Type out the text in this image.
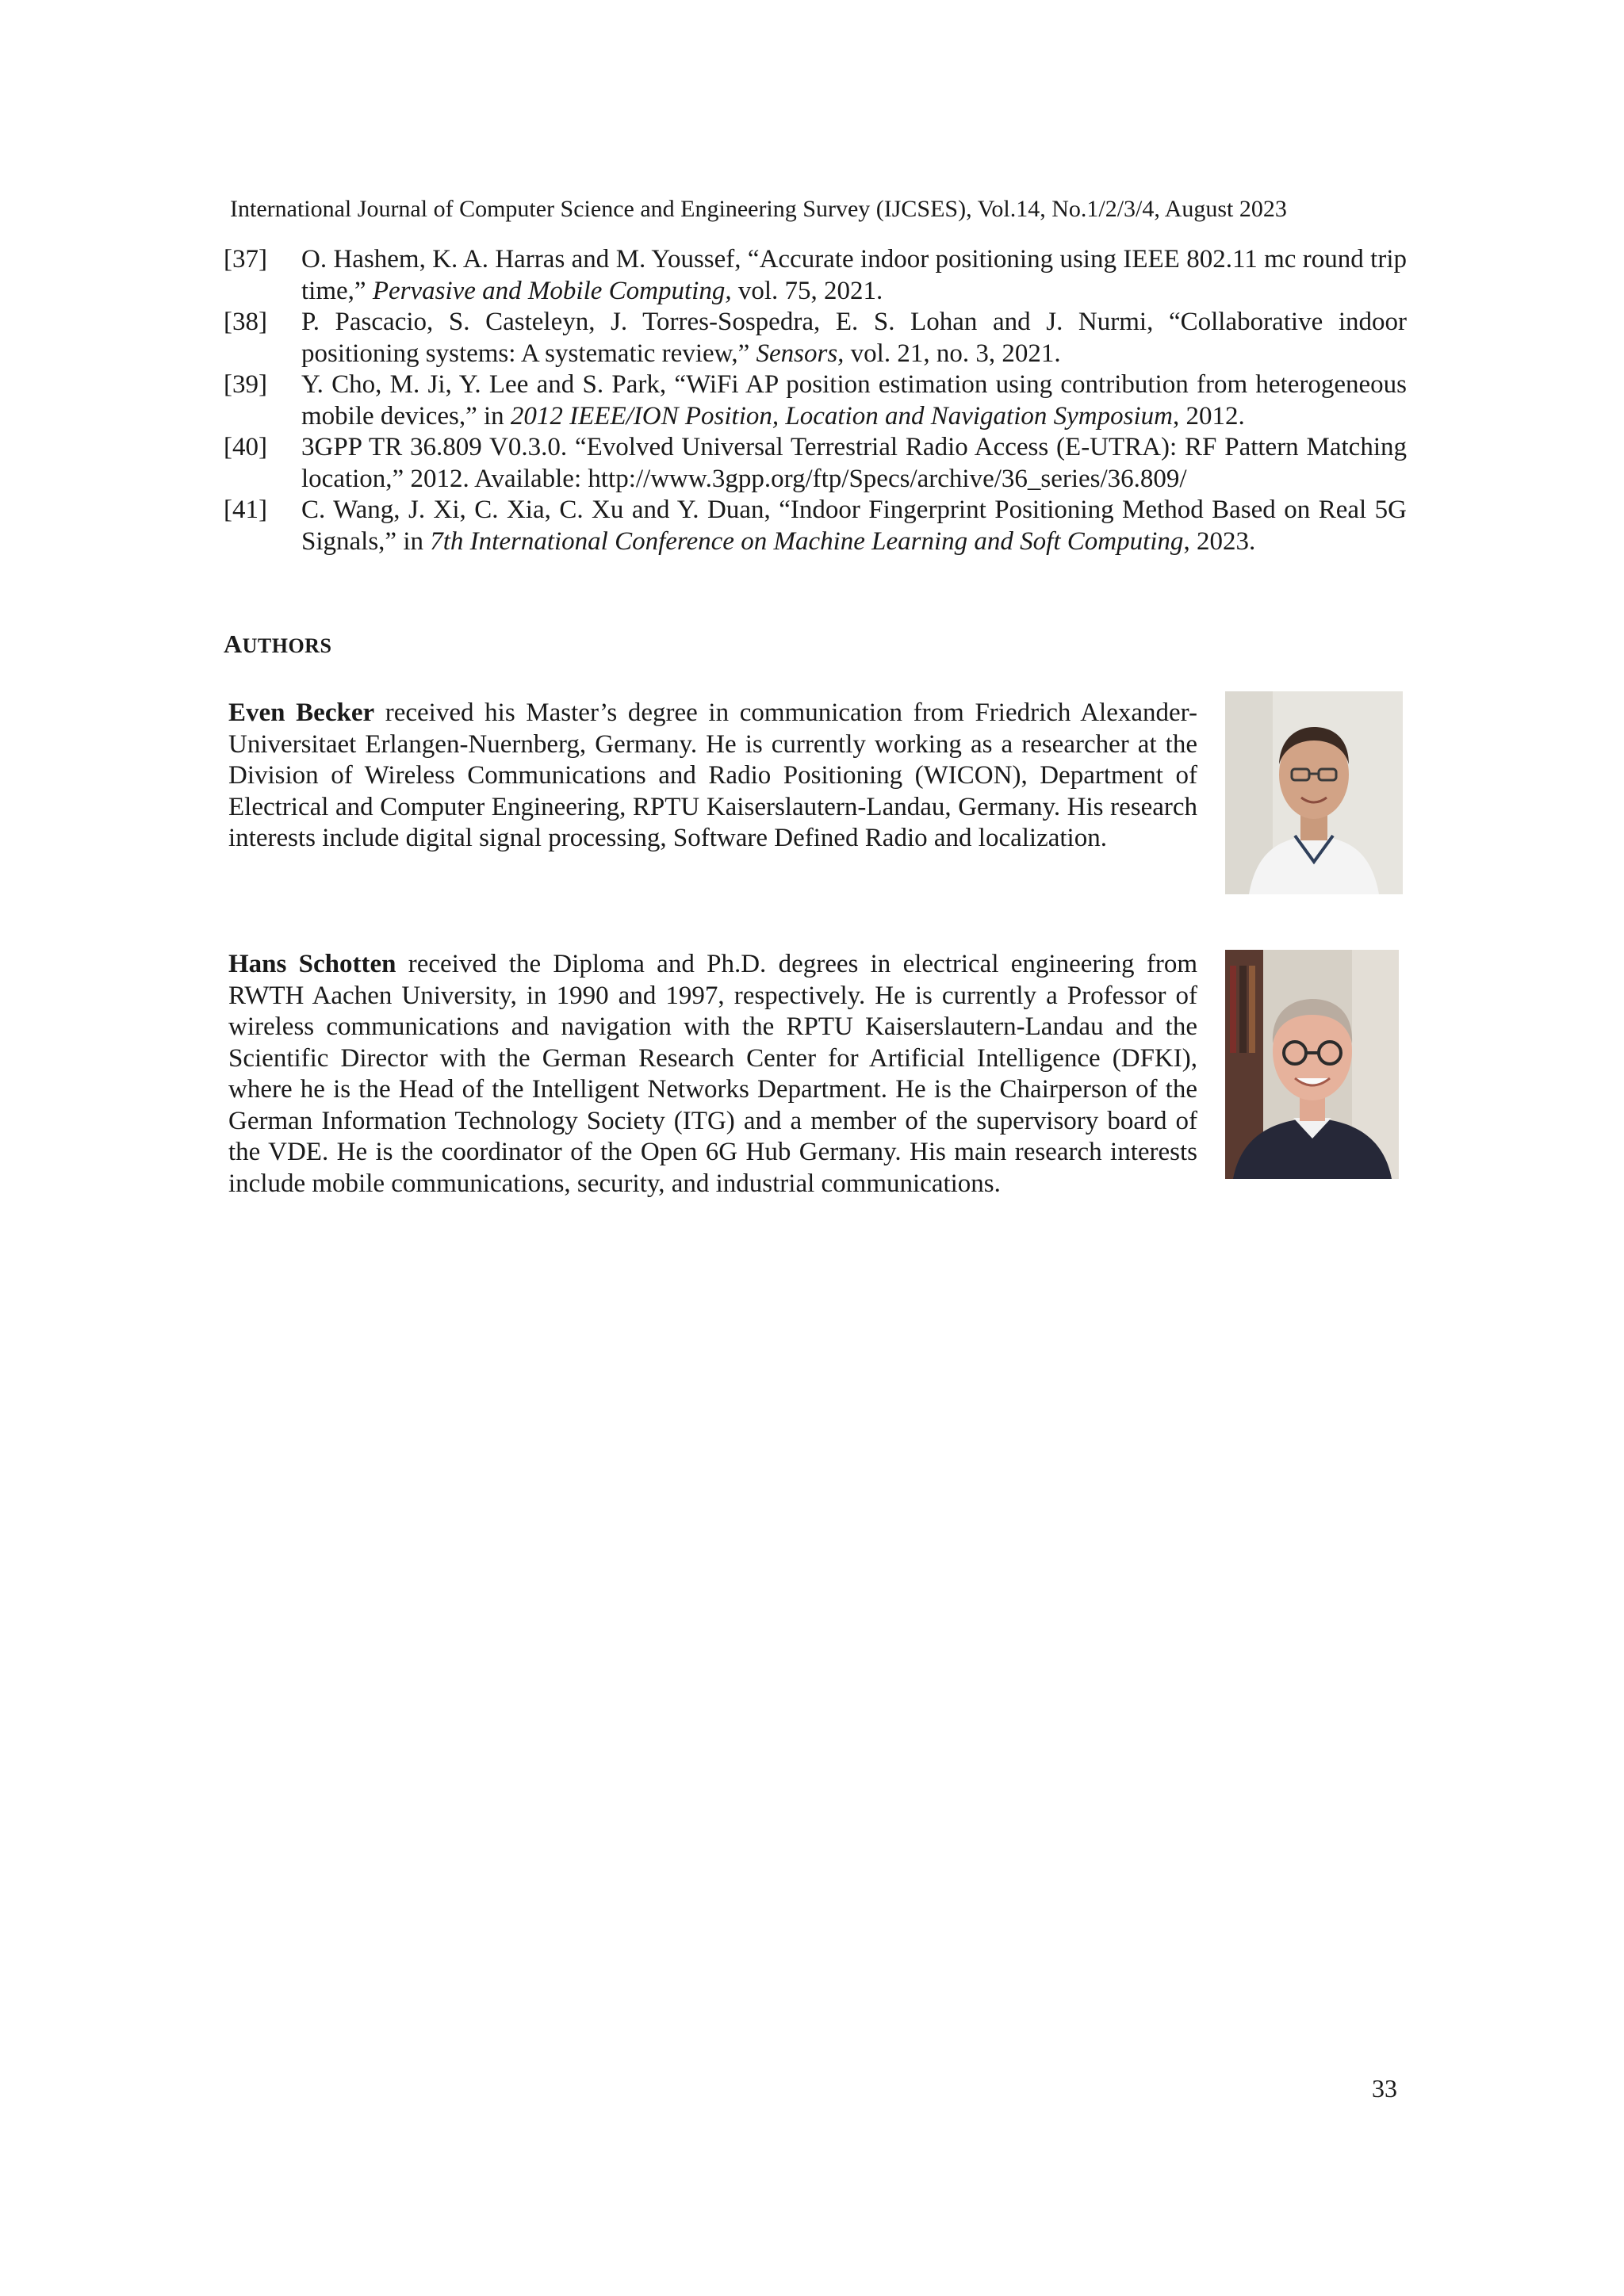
International Journal of Computer Science and Engineering Survey (IJCSES), Vol.14, No.1/2/3/4, August 2023
[37]	O. Hashem, K. A. Harras and M. Youssef, “Accurate indoor positioning using IEEE 802.11 mc round trip time,” Pervasive and Mobile Computing, vol. 75, 2021.
[38]	P. Pascacio, S. Casteleyn, J. Torres-Sospedra, E. S. Lohan and J. Nurmi, “Collaborative indoor positioning systems: A systematic review,” Sensors, vol. 21, no. 3, 2021.
[39]	Y. Cho, M. Ji, Y. Lee and S. Park, “WiFi AP position estimation using contribution from heterogeneous mobile devices,” in 2012 IEEE/ION Position, Location and Navigation Symposium, 2012.
[40]	3GPP TR 36.809 V0.3.0. “Evolved Universal Terrestrial Radio Access (E-UTRA): RF Pattern Matching location,” 2012. Available: http://www.3gpp.org/ftp/Specs/archive/36_series/36.809/
[41]	C. Wang, J. Xi, C. Xia, C. Xu and Y. Duan, “Indoor Fingerprint Positioning Method Based on Real 5G Signals,” in 7th International Conference on Machine Learning and Soft Computing, 2023.
AUTHORS
Even Becker received his Master’s degree in communication from Friedrich Alexander-Universitaet Erlangen-Nuernberg, Germany. He is currently working as a researcher at the Division of Wireless Communications and Radio Positioning (WICON), Department of Electrical and Computer Engineering, RPTU Kaiserslautern-Landau, Germany. His research interests include digital signal processing, Software Defined Radio and localization.
Hans Schotten received the Diploma and Ph.D. degrees in electrical engineering from RWTH Aachen University, in 1990 and 1997, respectively. He is currently a Professor of wireless communications and navigation with the RPTU Kaiserslautern-Landau and the Scientific Director with the German Research Center for Artificial Intelligence (DFKI), where he is the Head of the Intelligent Networks Department. He is the Chairperson of the German Information Technology Society (ITG) and a member of the supervisory board of the VDE. He is the coordinator of the Open 6G Hub Germany. His main research interests include mobile communications, security, and industrial communications.
33
